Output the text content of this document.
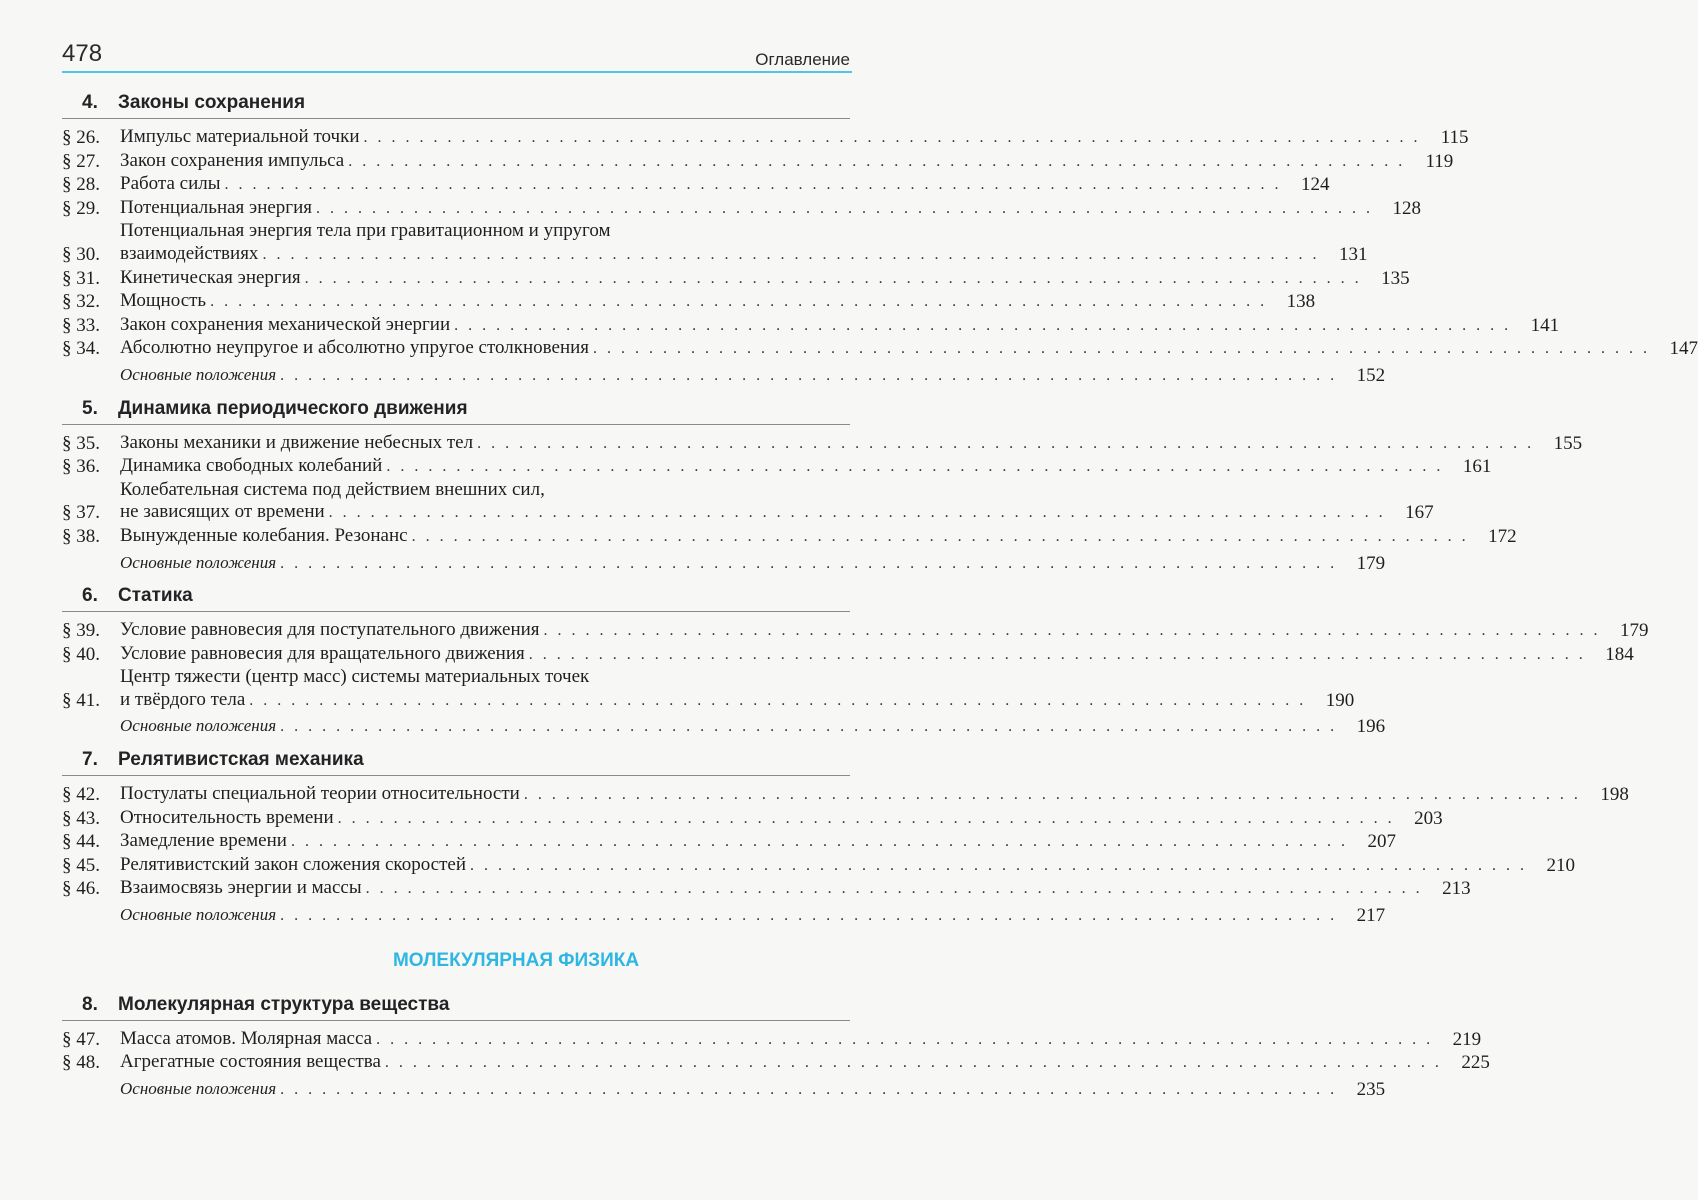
478	Оглавление
4. Законы сохранения
§ 26.	Импульс материальной точки . . . . . . . . . . . . . . . . . . . . . . . . . . . . . . . . . . . . . . . . . . . . . . . . . . . . . . . . . . . . . . . . . . . . . . . . . . . .	115
§ 27.	Закон сохранения импульса . . . . . . . . . . . . . . . . . . . . . . . . . . . . . . . . . . . . . . . . . . . . . . . . . . . . . . . . . . . . . . . . . . . . . . . . . . . .	119
§ 28.	Работа силы . . . . . . . . . . . . . . . . . . . . . . . . . . . . . . . . . . . . . . . . . . . . . . . . . . . . . . . . . . . . . . . . . . . . . . . . . . . .	124
§ 29.	Потенциальная энергия . . . . . . . . . . . . . . . . . . . . . . . . . . . . . . . . . . . . . . . . . . . . . . . . . . . . . . . . . . . . . . . . . . . . . . . . . . . .	128
§ 30.
Потенциальная энергия тела при гравитационном и упругом
взаимодействиях . . . . . . . . . . . . . . . . . . . . . . . . . . . . . . . . . . . . . . . . . . . . . . . . . . . . . . . . . . . . . . . . . . . . . . . . . . . .	131
§ 31.	Кинетическая энергия . . . . . . . . . . . . . . . . . . . . . . . . . . . . . . . . . . . . . . . . . . . . . . . . . . . . . . . . . . . . . . . . . . . . . . . . . . . .	135
§ 32.	Мощность . . . . . . . . . . . . . . . . . . . . . . . . . . . . . . . . . . . . . . . . . . . . . . . . . . . . . . . . . . . . . . . . . . . . . . . . . . . .	138
§ 33.	Закон сохранения механической энергии . . . . . . . . . . . . . . . . . . . . . . . . . . . . . . . . . . . . . . . . . . . . . . . . . . . . . . . . . . . . . . . . . . . . . . . . . . . .	141
§ 34.	Абсолютно неупругое и абсолютно упругое столкновения . . . . . . . . . . . . . . . . . . . . . . . . . . . . . . . . . . . . . . . . . . . . . . . . . . . . . . . . . . . . . . . . . . . . . . . . . . . .	147
Основные положения . . . . . . . . . . . . . . . . . . . . . . . . . . . . . . . . . . . . . . . . . . . . . . . . . . . . . . . . . . . . . . . . . . . . . . . . . . . .	152
5. Динамика периодического движения
§ 35.	Законы механики и движение небесных тел . . . . . . . . . . . . . . . . . . . . . . . . . . . . . . . . . . . . . . . . . . . . . . . . . . . . . . . . . . . . . . . . . . . . . . . . . . . .	155
§ 36.	Динамика свободных колебаний . . . . . . . . . . . . . . . . . . . . . . . . . . . . . . . . . . . . . . . . . . . . . . . . . . . . . . . . . . . . . . . . . . . . . . . . . . . .	161
§ 37.
Колебательная система под действием внешних сил,
не зависящих от времени . . . . . . . . . . . . . . . . . . . . . . . . . . . . . . . . . . . . . . . . . . . . . . . . . . . . . . . . . . . . . . . . . . . . . . . . . . . .	167
§ 38.	Вынужденные колебания. Резонанс . . . . . . . . . . . . . . . . . . . . . . . . . . . . . . . . . . . . . . . . . . . . . . . . . . . . . . . . . . . . . . . . . . . . . . . . . . . .	172
Основные положения . . . . . . . . . . . . . . . . . . . . . . . . . . . . . . . . . . . . . . . . . . . . . . . . . . . . . . . . . . . . . . . . . . . . . . . . . . . .	179
6. Статика
§ 39.	Условие равновесия для поступательного движения . . . . . . . . . . . . . . . . . . . . . . . . . . . . . . . . . . . . . . . . . . . . . . . . . . . . . . . . . . . . . . . . . . . . . . . . . . . .	179
§ 40.	Условие равновесия для вращательного движения . . . . . . . . . . . . . . . . . . . . . . . . . . . . . . . . . . . . . . . . . . . . . . . . . . . . . . . . . . . . . . . . . . . . . . . . . . . .	184
§ 41.
Центр тяжести (центр масс) системы материальных точек
и твёрдого тела . . . . . . . . . . . . . . . . . . . . . . . . . . . . . . . . . . . . . . . . . . . . . . . . . . . . . . . . . . . . . . . . . . . . . . . . . . . .	190
Основные положения . . . . . . . . . . . . . . . . . . . . . . . . . . . . . . . . . . . . . . . . . . . . . . . . . . . . . . . . . . . . . . . . . . . . . . . . . . . .	196
7. Релятивистская механика
§ 42.	Постулаты специальной теории относительности . . . . . . . . . . . . . . . . . . . . . . . . . . . . . . . . . . . . . . . . . . . . . . . . . . . . . . . . . . . . . . . . . . . . . . . . . . . .	198
§ 43.	Относительность времени . . . . . . . . . . . . . . . . . . . . . . . . . . . . . . . . . . . . . . . . . . . . . . . . . . . . . . . . . . . . . . . . . . . . . . . . . . . .	203
§ 44.	Замедление времени . . . . . . . . . . . . . . . . . . . . . . . . . . . . . . . . . . . . . . . . . . . . . . . . . . . . . . . . . . . . . . . . . . . . . . . . . . . .	207
§ 45.	Релятивистский закон сложения скоростей . . . . . . . . . . . . . . . . . . . . . . . . . . . . . . . . . . . . . . . . . . . . . . . . . . . . . . . . . . . . . . . . . . . . . . . . . . . .	210
§ 46.	Взаимосвязь энергии и массы . . . . . . . . . . . . . . . . . . . . . . . . . . . . . . . . . . . . . . . . . . . . . . . . . . . . . . . . . . . . . . . . . . . . . . . . . . . .	213
Основные положения . . . . . . . . . . . . . . . . . . . . . . . . . . . . . . . . . . . . . . . . . . . . . . . . . . . . . . . . . . . . . . . . . . . . . . . . . . . .	217
МОЛЕКУЛЯРНАЯ ФИЗИКА
8. Молекулярная структура вещества
§ 47.	Масса атомов. Молярная масса . . . . . . . . . . . . . . . . . . . . . . . . . . . . . . . . . . . . . . . . . . . . . . . . . . . . . . . . . . . . . . . . . . . . . . . . . . . .	219
§ 48.	Агрегатные состояния вещества . . . . . . . . . . . . . . . . . . . . . . . . . . . . . . . . . . . . . . . . . . . . . . . . . . . . . . . . . . . . . . . . . . . . . . . . . . . .	225
Основные положения . . . . . . . . . . . . . . . . . . . . . . . . . . . . . . . . . . . . . . . . . . . . . . . . . . . . . . . . . . . . . . . . . . . . . . . . . . . .	235
